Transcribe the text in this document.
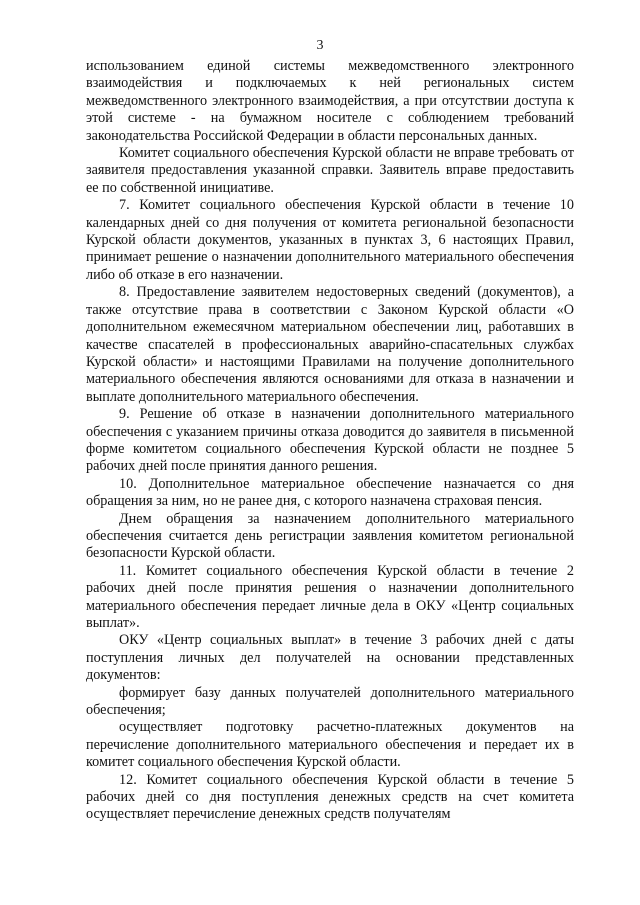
3

использованием единой системы межведомственного электронного взаимодействия и подключаемых к ней региональных систем межведомственного электронного взаимодействия, а при отсутствии доступа к этой системе - на бумажном носителе с соблюдением требований законодательства Российской Федерации в области персональных данных.

Комитет социального обеспечения Курской области не вправе требовать от заявителя предоставления указанной справки. Заявитель вправе предоставить ее по собственной инициативе.

7. Комитет социального обеспечения Курской области в течение 10 календарных дней со дня получения от комитета региональной безопасности Курской области документов, указанных в пунктах 3, 6 настоящих Правил, принимает решение о назначении дополнительного материального обеспечения либо об отказе в его назначении.

8. Предоставление заявителем недостоверных сведений (документов), а также отсутствие права в соответствии с Законом Курской области «О дополнительном ежемесячном материальном обеспечении лиц, работавших в качестве спасателей в профессиональных аварийно-спасательных службах Курской области» и настоящими Правилами на получение дополнительного материального обеспечения являются основаниями для отказа в назначении и выплате дополнительного материального обеспечения.

9. Решение об отказе в назначении дополнительного материального обеспечения с указанием причины отказа доводится до заявителя в письменной форме комитетом социального обеспечения Курской области не позднее 5 рабочих дней после принятия данного решения.

10. Дополнительное материальное обеспечение назначается со дня обращения за ним, но не ранее дня, с которого назначена страховая пенсия.

Днем обращения за назначением дополнительного материального обеспечения считается день регистрации заявления комитетом региональной безопасности Курской области.

11. Комитет социального обеспечения Курской области в течение 2 рабочих дней после принятия решения о назначении дополнительного материального обеспечения передает личные дела в ОКУ «Центр социальных выплат».

ОКУ «Центр социальных выплат» в течение 3 рабочих дней с даты поступления личных дел получателей на основании представленных документов:

формирует базу данных получателей дополнительного материального обеспечения;

осуществляет подготовку расчетно-платежных документов на перечисление дополнительного материального обеспечения и передает их в комитет социального обеспечения Курской области.

12. Комитет социального обеспечения Курской области в течение 5 рабочих дней со дня поступления денежных средств на счет комитета осуществляет перечисление денежных средств получателям
